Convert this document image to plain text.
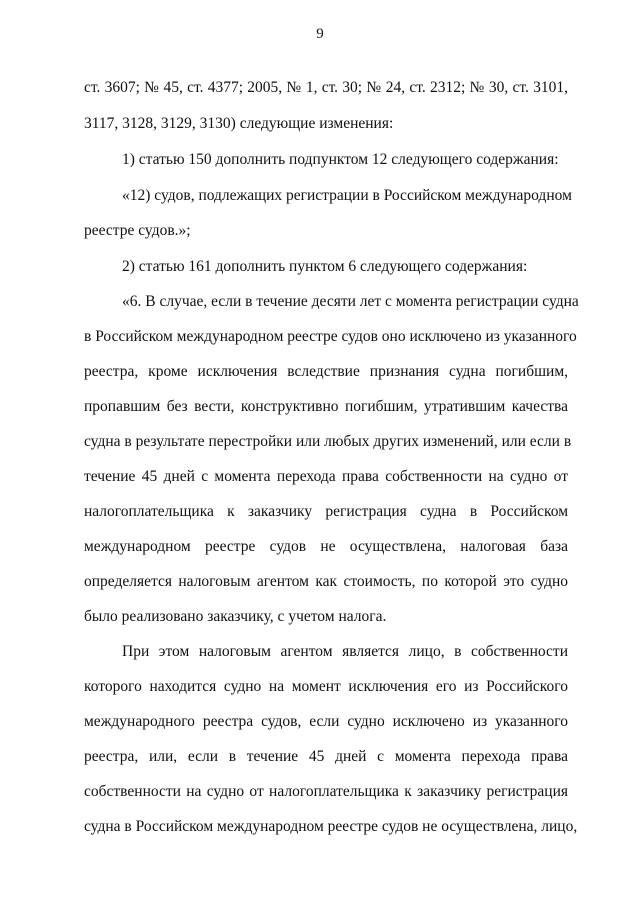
9
ст. 3607; № 45, ст. 4377; 2005, № 1, ст. 30; № 24, ст. 2312; № 30, ст. 3101,
3117, 3128, 3129, 3130) следующие изменения:
1) статью 150 дополнить подпунктом 12 следующего содержания:
«12) судов, подлежащих регистрации в Российском международном
реестре судов.»;
2) статью 161 дополнить пунктом 6 следующего содержания:
«6. В случае, если в течение десяти лет с момента регистрации судна
в Российском международном реестре судов оно исключено из указанного
реестра, кроме исключения вследствие признания судна погибшим,
пропавшим без вести, конструктивно погибшим, утратившим качества
судна в результате перестройки или любых других изменений, или если в
течение 45 дней с момента перехода права собственности на судно от
налогоплательщика к заказчику регистрация судна в Российском
международном реестре судов не осуществлена, налоговая база
определяется налоговым агентом как стоимость, по которой это судно
было реализовано заказчику, с учетом налога.
При этом налоговым агентом является лицо, в собственности
которого находится судно на момент исключения его из Российского
международного реестра судов, если судно исключено из указанного
реестра, или, если в течение 45 дней с момента перехода права
собственности на судно от налогоплательщика к заказчику регистрация
судна в Российском международном реестре судов не осуществлена, лицо,
